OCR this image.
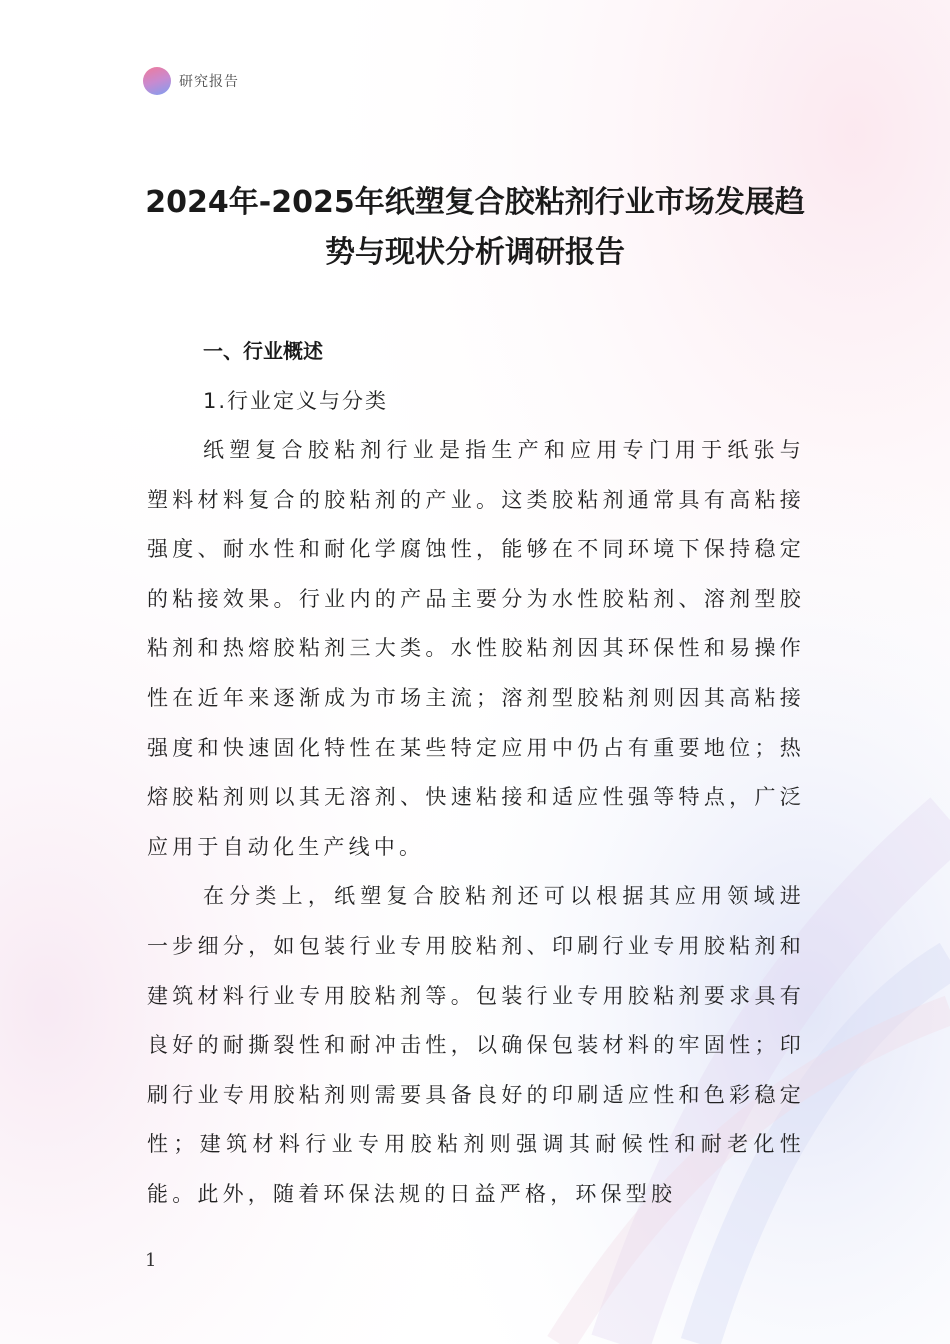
研究报告
2024年-2025年纸塑复合胶粘剂行业市场发展趋势与现状分析调研报告
一、行业概述
1.行业定义与分类

纸塑复合胶粘剂行业是指生产和应用专门用于纸张与塑料材料复合的胶粘剂的产业。这类胶粘剂通常具有高粘接强度、耐水性和耐化学腐蚀性，能够在不同环境下保持稳定的粘接效果。行业内的产品主要分为水性胶粘剂、溶剂型胶粘剂和热熔胶粘剂三大类。水性胶粘剂因其环保性和易操作性在近年来逐渐成为市场主流；溶剂型胶粘剂则因其高粘接强度和快速固化特性在某些特定应用中仍占有重要地位；热熔胶粘剂则以其无溶剂、快速粘接和适应性强等特点，广泛应用于自动化生产线中。

在分类上，纸塑复合胶粘剂还可以根据其应用领域进一步细分，如包装行业专用胶粘剂、印刷行业专用胶粘剂和建筑材料行业专用胶粘剂等。包装行业专用胶粘剂要求具有良好的耐撕裂性和耐冲击性，以确保包装材料的牢固性；印刷行业专用胶粘剂则需要具备良好的印刷适应性和色彩稳定性；建筑材料行业专用胶粘剂则强调其耐候性和耐老化性能。此外，随着环保法规的日益严格，环保型胶

1
